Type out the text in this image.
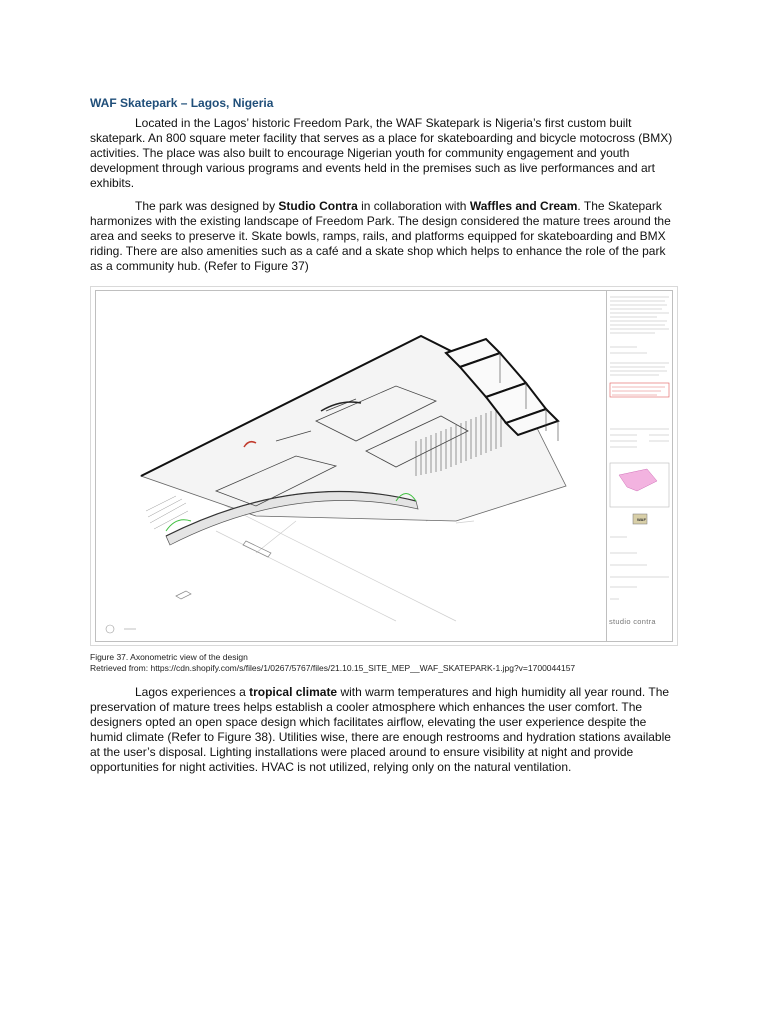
WAF Skatepark – Lagos, Nigeria

Located in the Lagos’ historic Freedom Park, the WAF Skatepark is Nigeria’s first custom built skatepark. An 800 square meter facility that serves as a place for skateboarding and bicycle motocross (BMX) activities. The place was also built to encourage Nigerian youth for community engagement and youth development through various programs and events held in the premises such as live performances and art exhibits.

The park was designed by Studio Contra in collaboration with Waffles and Cream. The Skatepark harmonizes with the existing landscape of Freedom Park. The design considered the mature trees around the area and seeks to preserve it. Skate bowls, ramps, rails, and platforms equipped for skateboarding and BMX riding. There are also amenities such as a café and a skate shop which helps to enhance the role of the park as a community hub. (Refer to Figure 37)

WAF
studio contra
Figure 37. Axonometric view of the design
Retrieved from: https://cdn.shopify.com/s/files/1/0267/5767/files/21.10.15_SITE_MEP__WAF_SKATEPARK-1.jpg?v=1700044157

Lagos experiences a tropical climate with warm temperatures and high humidity all year round. The preservation of mature trees helps establish a cooler atmosphere which enhances the user comfort. The designers opted an open space design which facilitates airflow, elevating the user experience despite the humid climate (Refer to Figure 38). Utilities wise, there are enough restrooms and hydration stations available at the user’s disposal. Lighting installations were placed around to ensure visibility at night and provide opportunities for night activities. HVAC is not utilized, relying only on the natural ventilation.
